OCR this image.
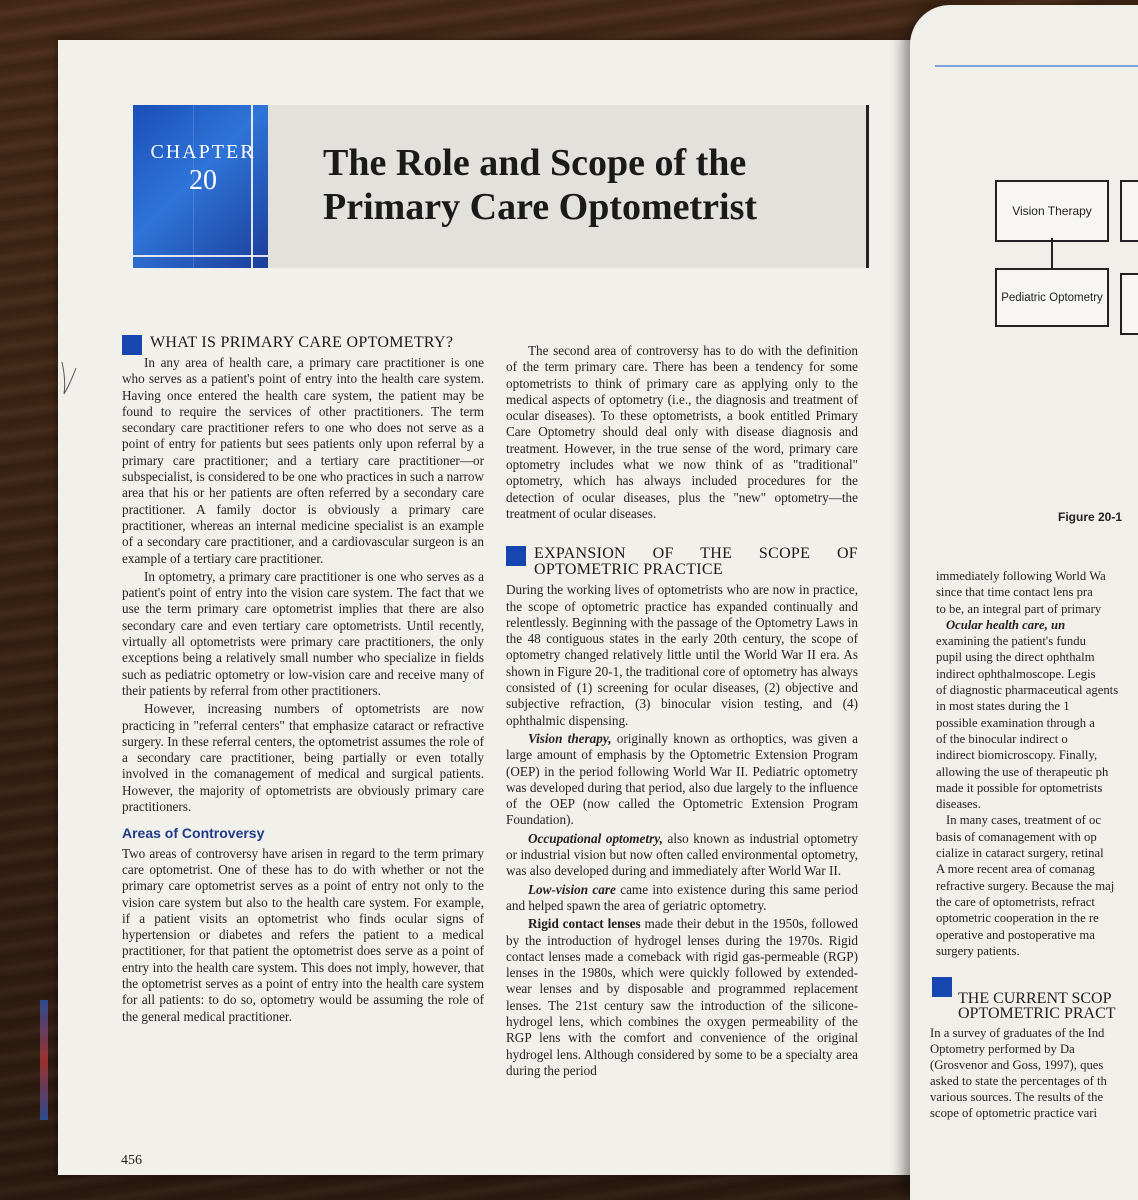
CHAPTER
20	The Role and Scope of the
Primary Care Optometrist
WHAT IS PRIMARY CARE OPTOMETRY?

In any area of health care, a primary care practitioner is one who serves as a patient's point of entry into the health care system. Having once entered the health care system, the patient may be found to require the services of other practitioners. The term secondary care practitioner refers to one who does not serve as a point of entry for patients but sees patients only upon referral by a primary care practitioner; and a tertiary care practitioner—or subspecialist, is considered to be one who practices in such a narrow area that his or her patients are often referred by a secondary care practitioner. A family doctor is obviously a primary care practitioner, whereas an internal medicine specialist is an example of a secondary care practitioner, and a cardiovascular surgeon is an example of a tertiary care practitioner.

In optometry, a primary care practitioner is one who serves as a patient's point of entry into the vision care system. The fact that we use the term primary care optometrist implies that there are also secondary care and even tertiary care optometrists. Until recently, virtually all optometrists were primary care practitioners, the only exceptions being a relatively small number who specialize in fields such as pediatric optometry or low-vision care and receive many of their patients by referral from other practitioners.

However, increasing numbers of optometrists are now practicing in "referral centers" that emphasize cataract or refractive surgery. In these referral centers, the optometrist assumes the role of a secondary care practitioner, being partially or even totally involved in the comanagement of medical and surgical patients. However, the majority of optometrists are obviously primary care practitioners.

Areas of Controversy

Two areas of controversy have arisen in regard to the term primary care optometrist. One of these has to do with whether or not the primary care optometrist serves as a point of entry not only to the vision care system but also to the health care system. For example, if a patient visits an optometrist who finds ocular signs of hypertension or diabetes and refers the patient to a medical practitioner, for that patient the optometrist does serve as a point of entry into the health care system. This does not imply, however, that the optometrist serves as a point of entry into the health care system for all patients: to do so, optometry would be assuming the role of the general medical practitioner.

The second area of controversy has to do with the definition of the term primary care. There has been a tendency for some optometrists to think of primary care as applying only to the medical aspects of optometry (i.e., the diagnosis and treatment of ocular diseases). To these optometrists, a book entitled Primary Care Optometry should deal only with disease diagnosis and treatment. However, in the true sense of the word, primary care optometry includes what we now think of as "traditional" optometry, which has always included procedures for the detection of ocular diseases, plus the "new" optometry—the treatment of ocular diseases.

EXPANSION OF THE SCOPE OF OPTOMETRIC PRACTICE

During the working lives of optometrists who are now in practice, the scope of optometric practice has expanded continually and relentlessly. Beginning with the passage of the Optometry Laws in the 48 contiguous states in the early 20th century, the scope of optometry changed relatively little until the World War II era. As shown in Figure 20-1, the traditional core of optometry has always consisted of (1) screening for ocular diseases, (2) objective and subjective refraction, (3) binocular vision testing, and (4) ophthalmic dispensing.

Vision therapy, originally known as orthoptics, was given a large amount of emphasis by the Optometric Extension Program (OEP) in the period following World War II. Pediatric optometry was developed during that period, also due largely to the influence of the OEP (now called the Optometric Extension Program Foundation).

Occupational optometry, also known as industrial optometry or industrial vision but now often called environmental optometry, was also developed during and immediately after World War II.

Low-vision care came into existence during this same period and helped spawn the area of geriatric optometry.

Rigid contact lenses made their debut in the 1950s, followed by the introduction of hydrogel lenses during the 1970s. Rigid contact lenses made a comeback with rigid gas-permeable (RGP) lenses in the 1980s, which were quickly followed by extended-wear lenses and by disposable and programmed replacement lenses. The 21st century saw the introduction of the silicone-hydrogel lens, which combines the oxygen permeability of the RGP lens with the comfort and convenience of the original hydrogel lens. Although considered by some to be a specialty area during the period

456
Vision Therapy
Pediatric Optometry
Figure 20-1
immediately following World Wa
since that time contact lens pra
to be, an integral part of primary
Ocular health care, un
examining the patient's fundu
pupil using the direct ophthalm
indirect ophthalmoscope. Legis
of diagnostic pharmaceutical agents
in most states during the 1
possible examination through a
of the binocular indirect o
indirect biomicroscopy. Finally,
allowing the use of therapeutic ph
made it possible for optometrists
diseases.
In many cases, treatment of oc
basis of comanagement with op
cialize in cataract surgery, retinal
A more recent area of comanag
refractive surgery. Because the maj
the care of optometrists, refract
optometric cooperation in the re
operative and postoperative ma
surgery patients.
THE CURRENT SCOP
OPTOMETRIC PRACT
In a survey of graduates of the Ind
Optometry performed by Da
(Grosvenor and Goss, 1997), ques
asked to state the percentages of th
various sources. The results of the
scope of optometric practice vari
